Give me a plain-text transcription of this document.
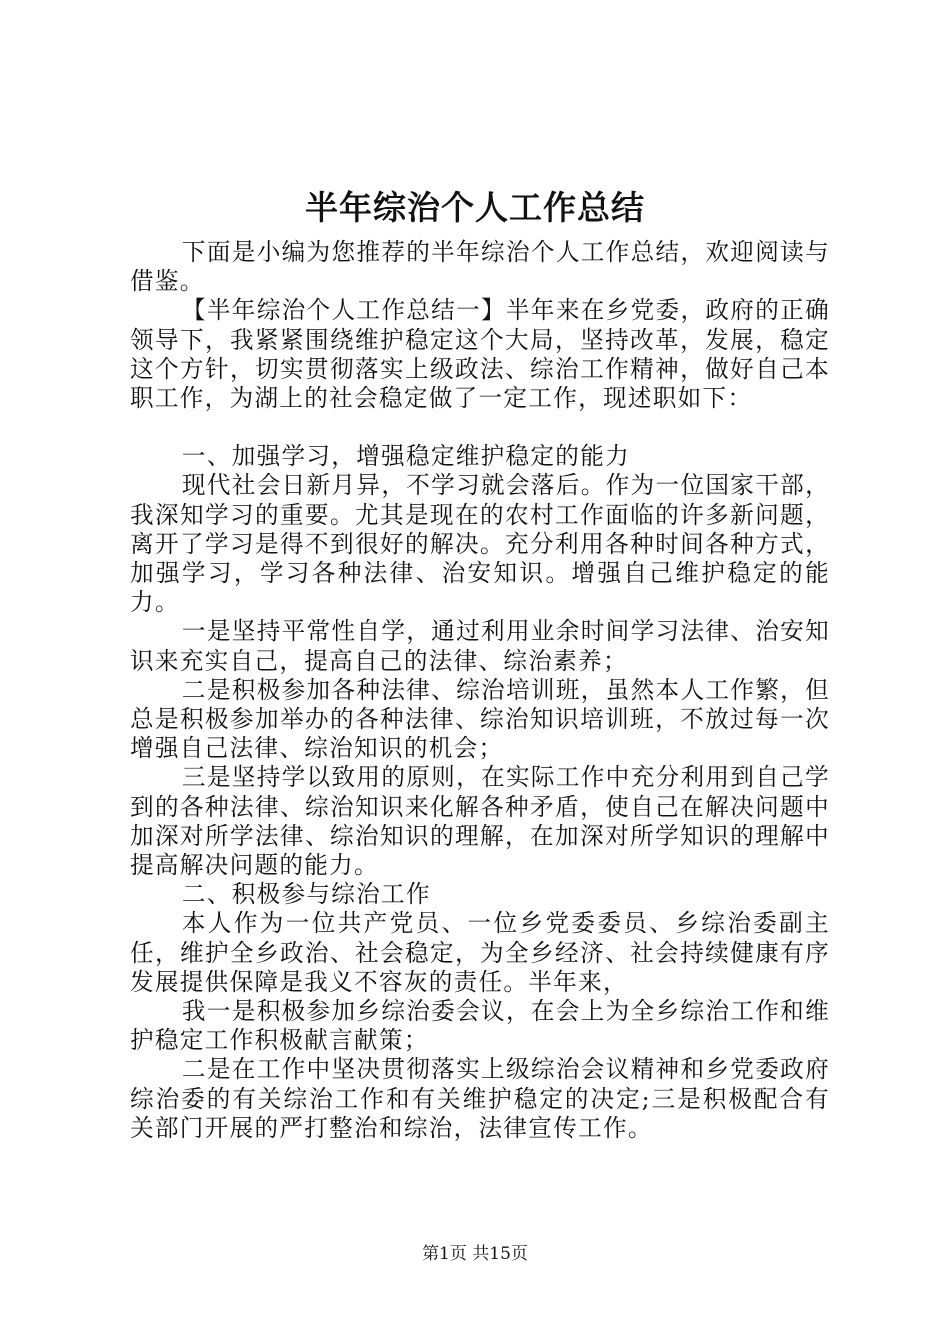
半年综治个人工作总结

下面是小编为您推荐的半年综治个人工作总结，欢迎阅读与借鉴。

【半年综治个人工作总结一】半年来在乡党委，政府的正确领导下，我紧紧围绕维护稳定这个大局，坚持改革，发展，稳定这个方针，切实贯彻落实上级政法、综治工作精神，做好自己本职工作，为湖上的社会稳定做了一定工作，现述职如下：

一、加强学习，增强稳定维护稳定的能力

现代社会日新月异，不学习就会落后。作为一位国家干部，我深知学习的重要。尤其是现在的农村工作面临的许多新问题，离开了学习是得不到很好的解决。充分利用各种时间各种方式，加强学习，学习各种法律、治安知识。增强自己维护稳定的能力。

一是坚持平常性自学，通过利用业余时间学习法律、治安知识来充实自己，提高自己的法律、综治素养；

二是积极参加各种法律、综治培训班，虽然本人工作繁，但总是积极参加举办的各种法律、综治知识培训班，不放过每一次增强自己法律、综治知识的机会；

三是坚持学以致用的原则，在实际工作中充分利用到自己学到的各种法律、综治知识来化解各种矛盾，使自己在解决问题中加深对所学法律、综治知识的理解，在加深对所学知识的理解中提高解决问题的能力。

二、积极参与综治工作

本人作为一位共产党员、一位乡党委委员、乡综治委副主任，维护全乡政治、社会稳定，为全乡经济、社会持续健康有序发展提供保障是我义不容灰的责任。半年来，

我一是积极参加乡综治委会议，在会上为全乡综治工作和维护稳定工作积极献言献策；

二是在工作中坚决贯彻落实上级综治会议精神和乡党委政府综治委的有关综治工作和有关维护稳定的决定;三是积极配合有关部门开展的严打整治和综治，法律宣传工作。

第1页 共15页
